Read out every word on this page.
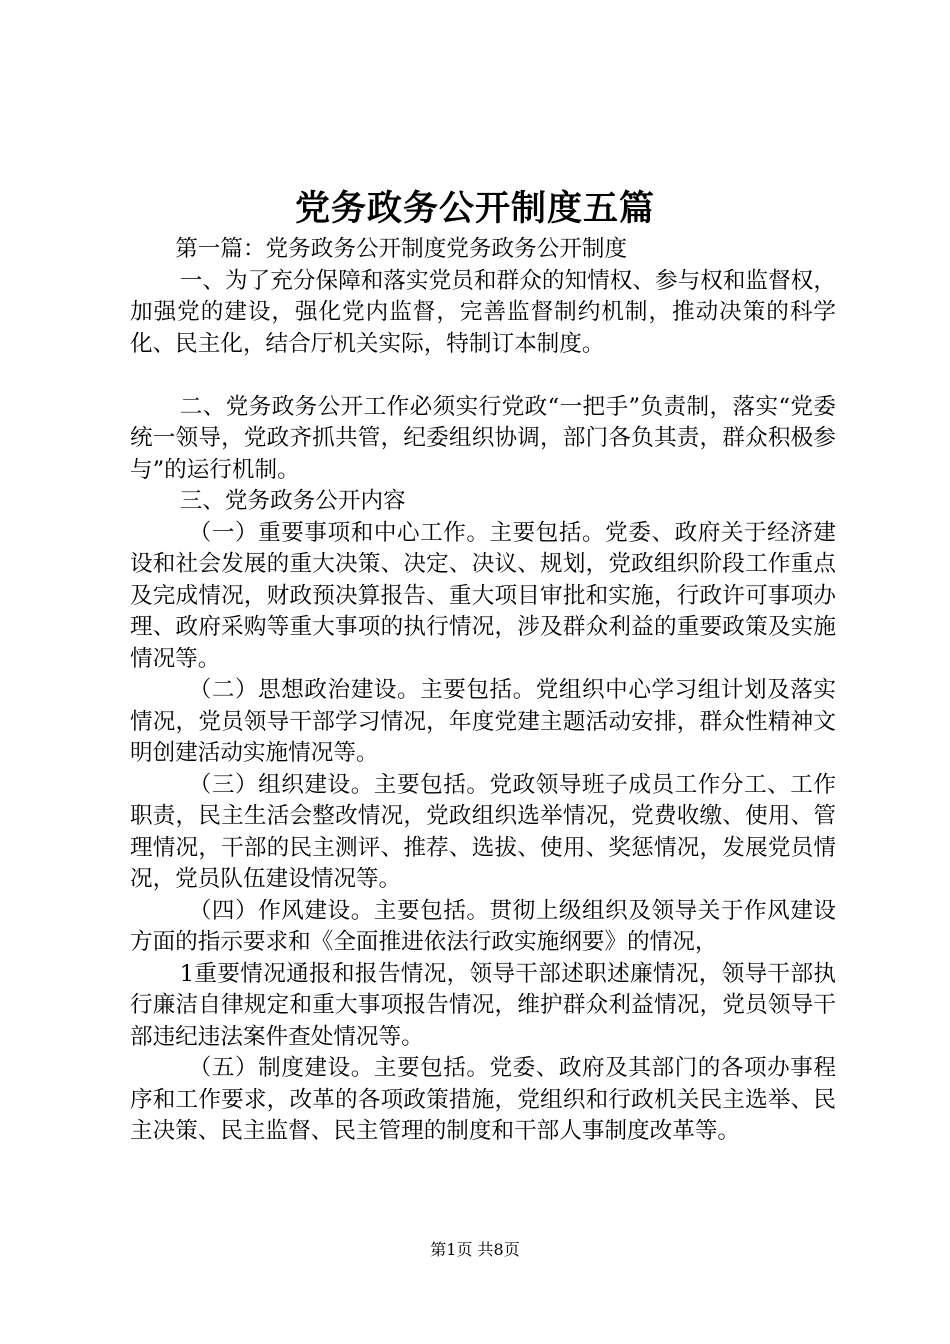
党务政务公开制度五篇

第一篇：党务政务公开制度党务政务公开制度

一、为了充分保障和落实党员和群众的知情权、参与权和监督权，加强党的建设，强化党内监督，完善监督制约机制，推动决策的科学化、民主化，结合厅机关实际，特制订本制度。

二、党务政务公开工作必须实行党政“一把手”负责制，落实“党委统一领导，党政齐抓共管，纪委组织协调，部门各负其责，群众积极参与”的运行机制。

三、党务政务公开内容

（一）重要事项和中心工作。主要包括。党委、政府关于经济建设和社会发展的重大决策、决定、决议、规划，党政组织阶段工作重点及完成情况，财政预决算报告、重大项目审批和实施，行政许可事项办理、政府采购等重大事项的执行情况，涉及群众利益的重要政策及实施情况等。

（二）思想政治建设。主要包括。党组织中心学习组计划及落实情况，党员领导干部学习情况，年度党建主题活动安排，群众性精神文明创建活动实施情况等。

（三）组织建设。主要包括。党政领导班子成员工作分工、工作职责，民主生活会整改情况，党政组织选举情况，党费收缴、使用、管理情况，干部的民主测评、推荐、选拔、使用、奖惩情况，发展党员情况，党员队伍建设情况等。

（四）作风建设。主要包括。贯彻上级组织及领导关于作风建设方面的指示要求和《全面推进依法行政实施纲要》的情况，

1重要情况通报和报告情况，领导干部述职述廉情况，领导干部执行廉洁自律规定和重大事项报告情况，维护群众利益情况，党员领导干部违纪违法案件查处情况等。

（五）制度建设。主要包括。党委、政府及其部门的各项办事程序和工作要求，改革的各项政策措施，党组织和行政机关民主选举、民主决策、民主监督、民主管理的制度和干部人事制度改革等。

第1页 共8页
